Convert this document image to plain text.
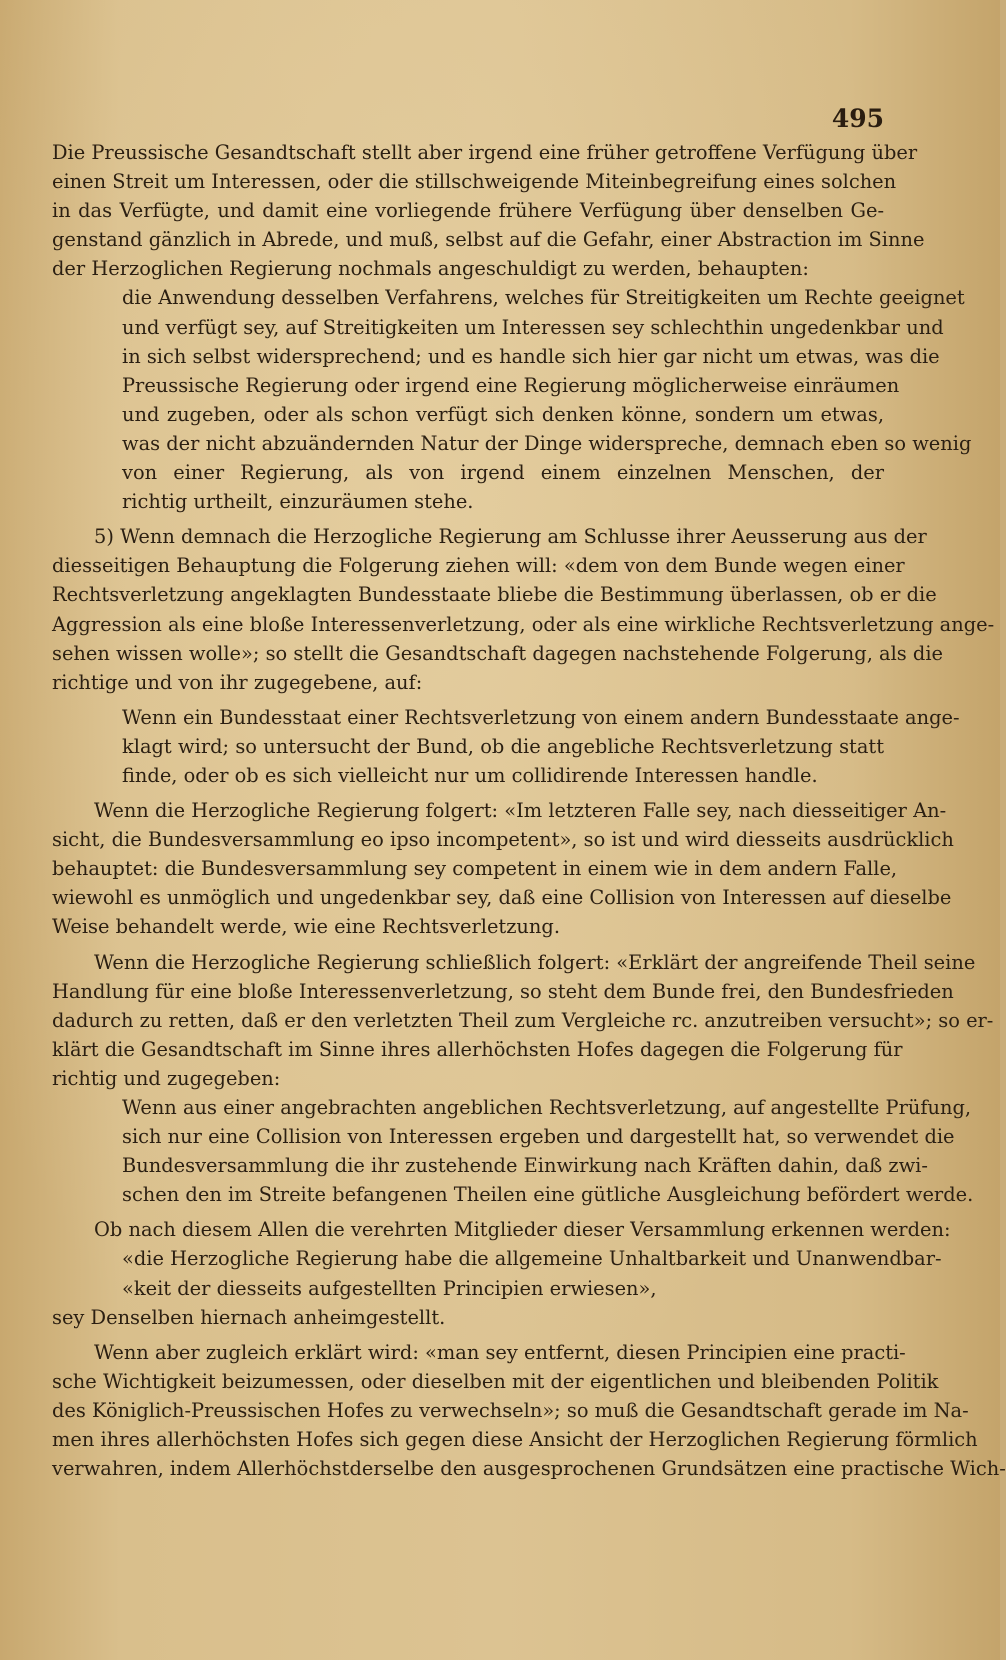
495
Die Preussische Gesandtschaft stellt aber irgend eine früher getroffene Verfügung über
einen Streit um Interessen, oder die stillschweigende Miteinbegreifung eines solchen
in das Verfügte, und damit eine vorliegende frühere Verfügung über denselben Ge-
genstand gänzlich in Abrede, und muß, selbst auf die Gefahr, einer Abstraction im Sinne
der Herzoglichen Regierung nochmals angeschuldigt zu werden, behaupten:
die Anwendung desselben Verfahrens, welches für Streitigkeiten um Rechte geeignet
und verfügt sey, auf Streitigkeiten um Interessen sey schlechthin ungedenkbar und
in sich selbst widersprechend; und es handle sich hier gar nicht um etwas, was die
Preussische Regierung oder irgend eine Regierung möglicherweise einräumen
und zugeben, oder als schon verfügt sich denken könne, sondern um etwas,
was der nicht abzuändernden Natur der Dinge widerspreche, demnach eben so wenig
von einer Regierung, als von irgend einem einzelnen Menschen, der
richtig urtheilt, einzuräumen stehe.
5) Wenn demnach die Herzogliche Regierung am Schlusse ihrer Aeusserung aus der
diesseitigen Behauptung die Folgerung ziehen will: «dem von dem Bunde wegen einer
Rechtsverletzung angeklagten Bundesstaate bliebe die Bestimmung überlassen, ob er die
Aggression als eine bloße Interessenverletzung, oder als eine wirkliche Rechtsverletzung ange-
sehen wissen wolle»; so stellt die Gesandtschaft dagegen nachstehende Folgerung, als die
richtige und von ihr zugegebene, auf:
Wenn ein Bundesstaat einer Rechtsverletzung von einem andern Bundesstaate ange-
klagt wird; so untersucht der Bund, ob die angebliche Rechtsverletzung statt
finde, oder ob es sich vielleicht nur um collidirende Interessen handle.
Wenn die Herzogliche Regierung folgert: «Im letzteren Falle sey, nach diesseitiger An-
sicht, die Bundesversammlung eo ipso incompetent», so ist und wird diesseits ausdrücklich
behauptet: die Bundesversammlung sey competent in einem wie in dem andern Falle,
wiewohl es unmöglich und ungedenkbar sey, daß eine Collision von Interessen auf dieselbe
Weise behandelt werde, wie eine Rechtsverletzung.
Wenn die Herzogliche Regierung schließlich folgert: «Erklärt der angreifende Theil seine
Handlung für eine bloße Interessenverletzung, so steht dem Bunde frei, den Bundesfrieden
dadurch zu retten, daß er den verletzten Theil zum Vergleiche rc. anzutreiben versucht»; so er-
klärt die Gesandtschaft im Sinne ihres allerhöchsten Hofes dagegen die Folgerung für
richtig und zugegeben:
Wenn aus einer angebrachten angeblichen Rechtsverletzung, auf angestellte Prüfung,
sich nur eine Collision von Interessen ergeben und dargestellt hat, so verwendet die
Bundesversammlung die ihr zustehende Einwirkung nach Kräften dahin, daß zwi-
schen den im Streite befangenen Theilen eine gütliche Ausgleichung befördert werde.
Ob nach diesem Allen die verehrten Mitglieder dieser Versammlung erkennen werden:
«die Herzogliche Regierung habe die allgemeine Unhaltbarkeit und Unanwendbar-
«keit der diesseits aufgestellten Principien erwiesen»,
sey Denselben hiernach anheimgestellt.
Wenn aber zugleich erklärt wird: «man sey entfernt, diesen Principien eine practi-
sche Wichtigkeit beizumessen, oder dieselben mit der eigentlichen und bleibenden Politik
des Königlich-Preussischen Hofes zu verwechseln»; so muß die Gesandtschaft gerade im Na-
men ihres allerhöchsten Hofes sich gegen diese Ansicht der Herzoglichen Regierung förmlich
verwahren, indem Allerhöchstderselbe den ausgesprochenen Grundsätzen eine practische Wich-
